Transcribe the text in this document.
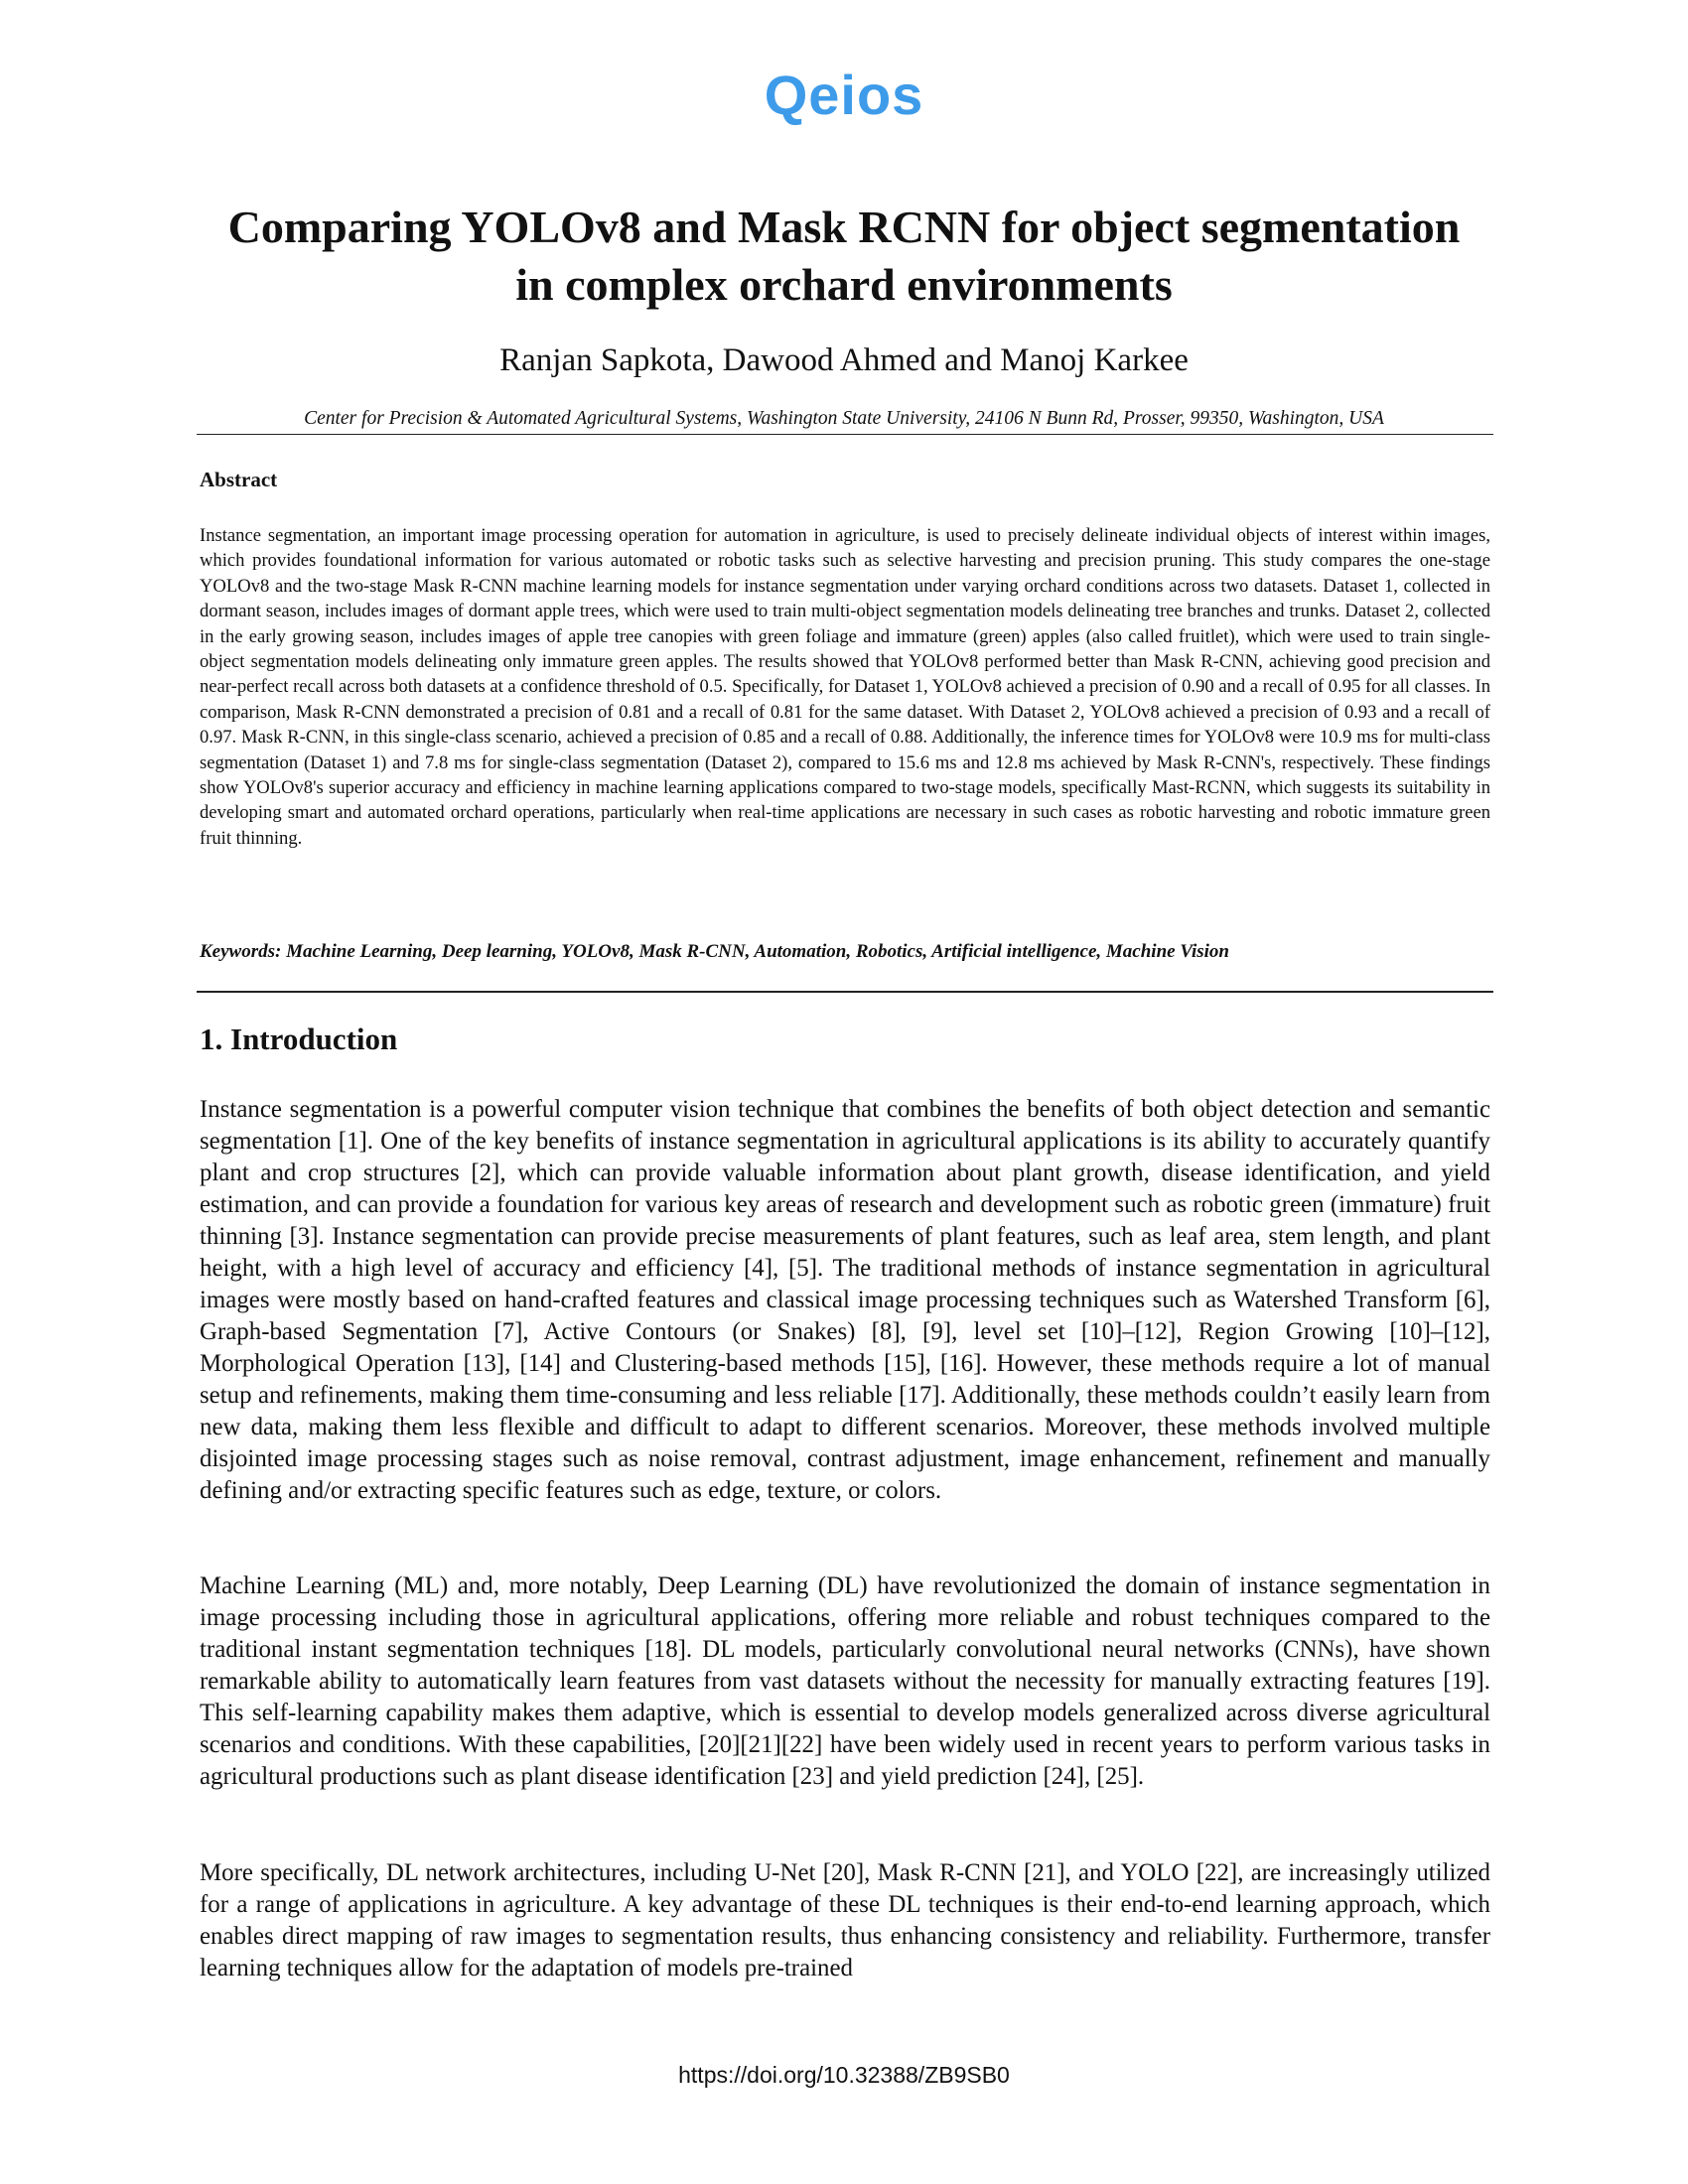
Qeios
Comparing YOLOv8 and Mask RCNN for object segmentation
in complex orchard environments
Ranjan Sapkota, Dawood Ahmed and Manoj Karkee
Center for Precision & Automated Agricultural Systems, Washington State University, 24106 N Bunn Rd, Prosser, 99350, Washington, USA
Abstract

Instance segmentation, an important image processing operation for automation in agriculture, is used to precisely delineate individual objects of interest within images, which provides foundational information for various automated or robotic tasks such as selective harvesting and precision pruning. This study compares the one-stage YOLOv8 and the two-stage Mask R-CNN machine learning models for instance segmentation under varying orchard conditions across two datasets. Dataset 1, collected in dormant season, includes images of dormant apple trees, which were used to train multi-object segmentation models delineating tree branches and trunks. Dataset 2, collected in the early growing season, includes images of apple tree canopies with green foliage and immature (green) apples (also called fruitlet), which were used to train single-object segmentation models delineating only immature green apples. The results showed that YOLOv8 performed better than Mask R-CNN, achieving good precision and near-perfect recall across both datasets at a confidence threshold of 0.5. Specifically, for Dataset 1, YOLOv8 achieved a precision of 0.90 and a recall of 0.95 for all classes. In comparison, Mask R-CNN demonstrated a precision of 0.81 and a recall of 0.81 for the same dataset. With Dataset 2, YOLOv8 achieved a precision of 0.93 and a recall of 0.97. Mask R-CNN, in this single-class scenario, achieved a precision of 0.85 and a recall of 0.88. Additionally, the inference times for YOLOv8 were 10.9 ms for multi-class segmentation (Dataset 1) and 7.8 ms for single-class segmentation (Dataset 2), compared to 15.6 ms and 12.8 ms achieved by Mask R-CNN's, respectively. These findings show YOLOv8's superior accuracy and efficiency in machine learning applications compared to two-stage models, specifically Mast-RCNN, which suggests its suitability in developing smart and automated orchard operations, particularly when real-time applications are necessary in such cases as robotic harvesting and robotic immature green fruit thinning.

Keywords: Machine Learning, Deep learning, YOLOv8, Mask R-CNN, Automation, Robotics, Artificial intelligence, Machine Vision
1. Introduction

Instance segmentation is a powerful computer vision technique that combines the benefits of both object detection and semantic segmentation [1]. One of the key benefits of instance segmentation in agricultural applications is its ability to accurately quantify plant and crop structures [2], which can provide valuable information about plant growth, disease identification, and yield estimation, and can provide a foundation for various key areas of research and development such as robotic green (immature) fruit thinning [3]. Instance segmentation can provide precise measurements of plant features, such as leaf area, stem length, and plant height, with a high level of accuracy and efficiency [4], [5]. The traditional methods of instance segmentation in agricultural images were mostly based on hand-crafted features and classical image processing techniques such as Watershed Transform [6], Graph-based Segmentation [7], Active Contours (or Snakes) [8], [9], level set [10]–[12], Region Growing [10]–[12], Morphological Operation [13], [14] and Clustering-based methods [15], [16]. However, these methods require a lot of manual setup and refinements, making them time-consuming and less reliable [17]. Additionally, these methods couldn’t easily learn from new data, making them less flexible and difficult to adapt to different scenarios. Moreover, these methods involved multiple disjointed image processing stages such as noise removal, contrast adjustment, image enhancement, refinement and manually defining and/or extracting specific features such as edge, texture, or colors.

Machine Learning (ML) and, more notably, Deep Learning (DL) have revolutionized the domain of instance segmentation in image processing including those in agricultural applications, offering more reliable and robust techniques compared to the traditional instant segmentation techniques [18]. DL models, particularly convolutional neural networks (CNNs), have shown remarkable ability to automatically learn features from vast datasets without the necessity for manually extracting features [19]. This self-learning capability makes them adaptive, which is essential to develop models generalized across diverse agricultural scenarios and conditions. With these capabilities, [20][21][22] have been widely used in recent years to perform various tasks in agricultural productions such as plant disease identification [23] and yield prediction [24], [25].

More specifically, DL network architectures, including U-Net [20], Mask R-CNN [21], and YOLO [22], are increasingly utilized for a range of applications in agriculture. A key advantage of these DL techniques is their end-to-end learning approach, which enables direct mapping of raw images to segmentation results, thus enhancing consistency and reliability. Furthermore, transfer learning techniques allow for the adaptation of models pre-trained

https://doi.org/10.32388/ZB9SB0
